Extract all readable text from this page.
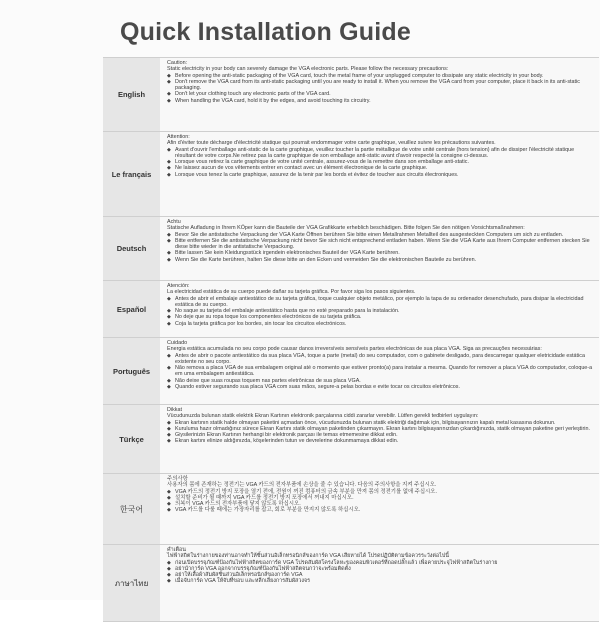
Quick Installation Guide
English
Caution:
Static electricity in your body can severely damage the VGA electronic parts. Please follow the necessary precautions:
◆ Before opening the anti-static packaging of the VGA card, touch the metal frame of your unplugged computer to dissipate any static electricity in your body.
◆ Don't remove the VGA card from its anti-static packaging until you are ready to install it. When you remove the VGA card from your computer, place it back in its anti-static packaging.
◆ Don't let your clothing touch any electronic parts of the VGA card.
◆ When handling the VGA card, hold it by the edges, and avoid touching its circuitry.
Le français
Attention:
Afin d'éviter toute décharge d'électricité statique qui pourrait endommager votre carte graphique, veuillez suivre les précautions suivantes.
◆ Avant d'ouvrir l'emballage anti-static de la carte graphique, veuillez toucher la partie métallique de votre unité centrale (hors tension) afin de dissiper l'électricité statique résultant de votre corps.Ne retirez pas la carte graphique de son emballage anti-static avant d'avoir respecté la consigne ci-dessus.
◆ Lorsque vous retirez la carte graphique de votre unité centrale, assurez-vous de la remettre dans son emballage anti-static.
◆ Ne laissez aucun de vos vêtements entrer en contact avec un élément électronique de la carte graphique.
◆ Lorsque vous tenez la carte graphique, assurez de la tenir par les bords et évitez de toucher aux circuits électroniques.
Deutsch
Achtu
Statische Aufladung in Ihrem KÖper kann die Bauteile der VGA Grafikkarte erheblich beschädigen. Bitte folgen Sie den nötigen Vorsichtsmaßnahmen:
◆ Bevor Sie die antistatische Verpackung der VGA Karte Öffnen berühren Sie bitte einen Metallrahmen Metallteil des ausgesteckten Computers um sich zu entladen.
◆ Bitte entfernen Sie die antistatische Verpackung nicht bevor Sie sich nicht entsprechend entladen haben. Wenn Sie die VGA Karte aus Ihrem Computer entfernen stecken Sie diese bitte wieder in die antistatische Verpackung.
◆ Bitte lassen Sie kein Kleidungsstück irgendein elektronisches Bauteil der VGA Karte berühren.
◆ Wenn Sie die Karte berühren, halten Sie diese bitte an den Ecken und vermeiden Sie die elektronischen Bauteile zu berühren.
Español
Atención:
La electricidad estática de su cuerpo puede dañar su tarjeta gráfica. Por favor siga los pasos siguientes.
◆ Antes de abrir el embalaje antiestático de su tarjeta gráfica, toque cualquier objeto metálico, por ejemplo la tapa de su ordenador desenchufado, para disipar la electricidad estática de su cuerpo.
◆ No saque su tarjeta del embalaje antiestático hasta que no esté preparado para la instalación.
◆ No deje que su ropa toque los componentes electrónicos de su tarjeta gráfica.
◆ Coja la tarjeta gráfica por los bordes, sin tocar los circuitos electrónicos.
Português
Cuidado
Energia estática acumulada no seu corpo pode causar danos irreversíveis sensíveis partes electrónicas de sua placa VGA. Siga as precauções necessárias:
◆ Antes de abrir o pacote antiestático da sua placa VGA, toque a parte (metal) do seu computador, com o gabinete desligado, para descarregar qualquer eletricidade estática existente no seu corpo.
◆ Não remova a placa VGA de sua embalagem original até o momento que estiver pronto(a) para instalar a mesma. Quando for remover a placa VGA do computador, coloque-a em uma embalagem antiestática.
◆ Não deixe que suas roupas toquem nas partes eletrônicas de sua placa VGA.
◆ Quando estiver segurando sua placa VGA com suas mãos, segure-a pelas bordas e evite tocar os circuitos eletrônicos.
Türkçe
Dikkat
Vücudunuzda bulunan statik elektrik Ekran Kartının elektronik parçalarına ciddi zararlar verebilir. Lütfen gerekli tedbirleri uygulayın:
◆ Ekran kartının statik halde olmayan paketini açmadan önce, vücudunuzda bulunan statik elektriği dağıtmak için, bilgisayarınızın kapalı metal kasasına dokunun.
◆ Kuruluma hazır olmadığınız sürece Ekran Kartını statik olmayan paketinden çıkarmayın. Ekran kartını bilgisayarınızdan çıkardığınızda, statik olmayan paketine geri yerleştirin.
◆ Giysilerinizin Ekran Kartının herhangi bir elektronik parçası ile temas etmemesine dikkat edin.
◆ Ekran kartını elinize aldığınızda, köşelerinden tutun ve devrelerine dokunmamaya dikkat edin.
한국어
주의사항
사용자의 몸에 존재하는 정전기는 VGA 카드의 전자부품에 손상을 줄 수 있습니다. 다음의 주의사항을 지켜 주십시오.
◆ VGA 카드의 정전기 방지 포장을 열기 전에, 전원이 꺼진 컴퓨터의 금속 부분을 만져 몸의 정전기를 없애 주십시오.
◆ 설치할 준비가 될 때까지 VGA 카드를 정전기 방지 포장에서 꺼내지 마십시오.
◆ 의복이 VGA 카드의 전자부품에 닿지 않도록 하십시오.
◆ VGA 카드를 다룰 때에는 가장자리를 잡고, 회로 부분을 만지지 않도록 하십시오.
ภาษาไทย
คำเตือน
ไฟฟ้าสถิตในร่างกายของท่านอาจทำให้ชิ้นส่วนอิเล็กทรอนิกส์ของการ์ด VGA เสียหายได้ โปรดปฏิบัติตามข้อควรระวังต่อไปนี้
◆ ก่อนเปิดบรรจุภัณฑ์ป้องกันไฟฟ้าสถิตของการ์ด VGA โปรดสัมผัสโครงโลหะของคอมพิวเตอร์ที่ถอดปลั๊กแล้ว เพื่อคายประจุไฟฟ้าสถิตในร่างกาย
◆ อย่านำการ์ด VGA ออกจากบรรจุภัณฑ์ป้องกันไฟฟ้าสถิตจนกว่าจะพร้อมติดตั้ง
◆ อย่าให้เสื้อผ้าสัมผัสชิ้นส่วนอิเล็กทรอนิกส์ของการ์ด VGA
◆ เมื่อจับการ์ด VGA ให้จับที่ขอบ และหลีกเลี่ยงการสัมผัสวงจร
